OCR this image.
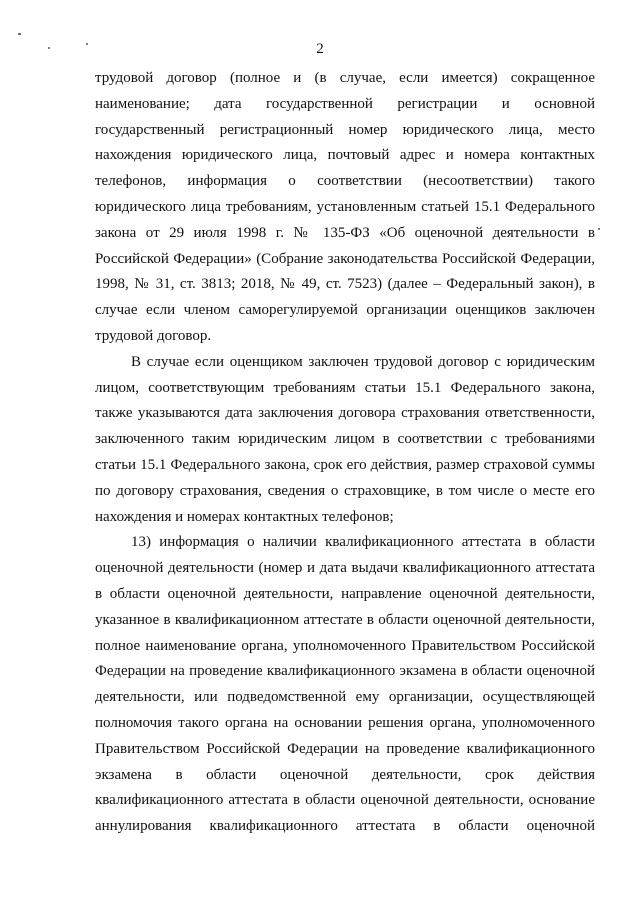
2

трудовой договор (полное и (в случае, если имеется) сокращенное наименование; дата государственной регистрации и основной государственный регистрационный номер юридического лица, место нахождения юридического лица, почтовый адрес и номера контактных телефонов, информация о соответствии (несоответствии) такого юридического лица требованиям, установленным статьей 15.1 Федерального закона от 29 июля 1998 г. № 135-ФЗ «Об оценочной деятельности в Российской Федерации» (Собрание законодательства Российской Федерации, 1998, № 31, ст. 3813; 2018, № 49, ст. 7523) (далее – Федеральный закон), в случае если членом саморегулируемой организации оценщиков заключен трудовой договор.

В случае если оценщиком заключен трудовой договор с юридическим лицом, соответствующим требованиям статьи 15.1 Федерального закона, также указываются дата заключения договора страхования ответственности, заключенного таким юридическим лицом в соответствии с требованиями статьи 15.1 Федерального закона, срок его действия, размер страховой суммы по договору страхования, сведения о страховщике, в том числе о месте его нахождения и номерах контактных телефонов;

13) информация о наличии квалификационного аттестата в области оценочной деятельности (номер и дата выдачи квалификационного аттестата в области оценочной деятельности, направление оценочной деятельности, указанное в квалификационном аттестате в области оценочной деятельности, полное наименование органа, уполномоченного Правительством Российской Федерации на проведение квалификационного экзамена в области оценочной деятельности, или подведомственной ему организации, осуществляющей полномочия такого органа на основании решения органа, уполномоченного Правительством Российской Федерации на проведение квалификационного экзамена в области оценочной деятельности, срок действия квалификационного аттестата в области оценочной деятельности, основание аннулирования квалификационного аттестата в области оценочной
